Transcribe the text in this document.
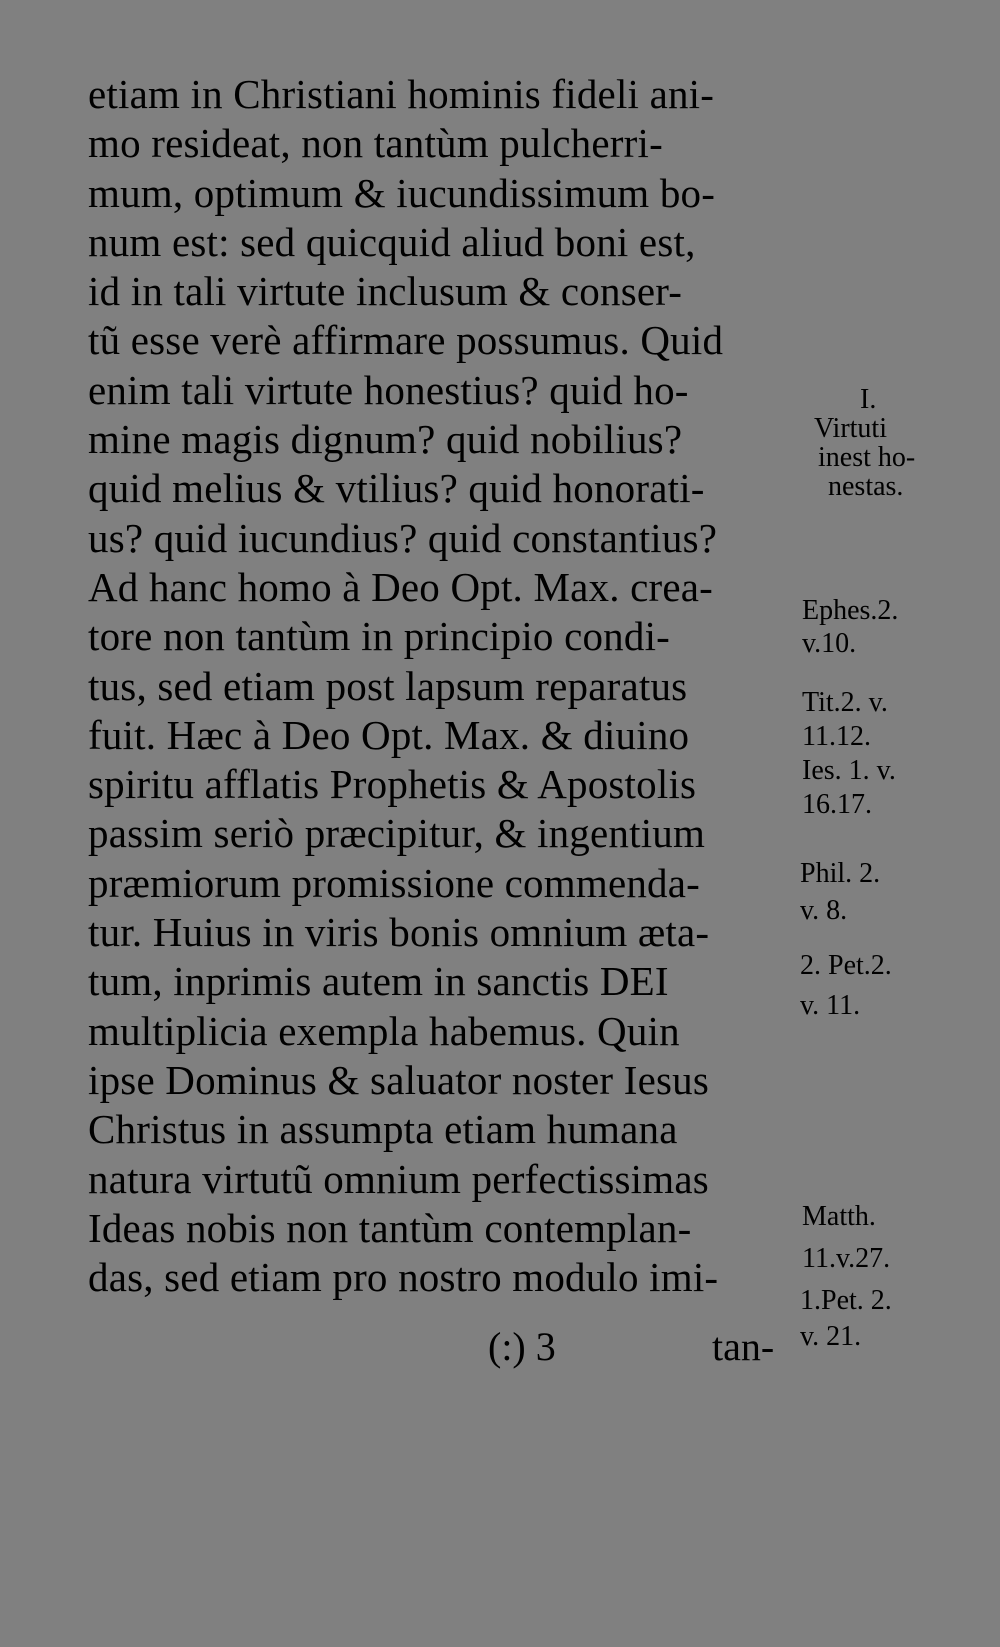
etiam in Christiani hominis fideli ani-
mo resideat, non tantùm pulcherri-
mum, optimum & iucundissimum bo-
num est: sed quicquid aliud boni est,
id in tali virtute inclusum & conser-
tũ esse verè affirmare possumus. Quid
enim tali virtute honestius? quid ho-
mine magis dignum? quid nobilius?
quid melius & vtilius? quid honorati-
us? quid iucundius? quid constantius?
Ad hanc homo à Deo Opt. Max. crea-
tore non tantùm in principio condi-
tus, sed etiam post lapsum reparatus
fuit. Hæc à Deo Opt. Max. & diuino
spiritu afflatis Prophetis & Apostolis
passim seriò præcipitur, & ingentium
præmiorum promissione commenda-
tur. Huius in viris bonis omnium æta-
tum, inprimis autem in sanctis DEI
multiplicia exempla habemus. Quin
ipse Dominus & saluator noster Iesus
Christus in assumpta etiam humana
natura virtutũ omnium perfectissimas
Ideas nobis non tantùm contemplan-
das, sed etiam pro nostro modulo imi-
I.
Virtuti
inest ho-
nestas.
Ephes.2.
v.10.
Tit.2. v.
11.12.
Ies. 1. v.
16.17.
Phil. 2.
v. 8.
2. Pet.2.
v. 11.
Matth.
11.v.27.
1.Pet. 2.
v. 21.
(:) 3	tan-
